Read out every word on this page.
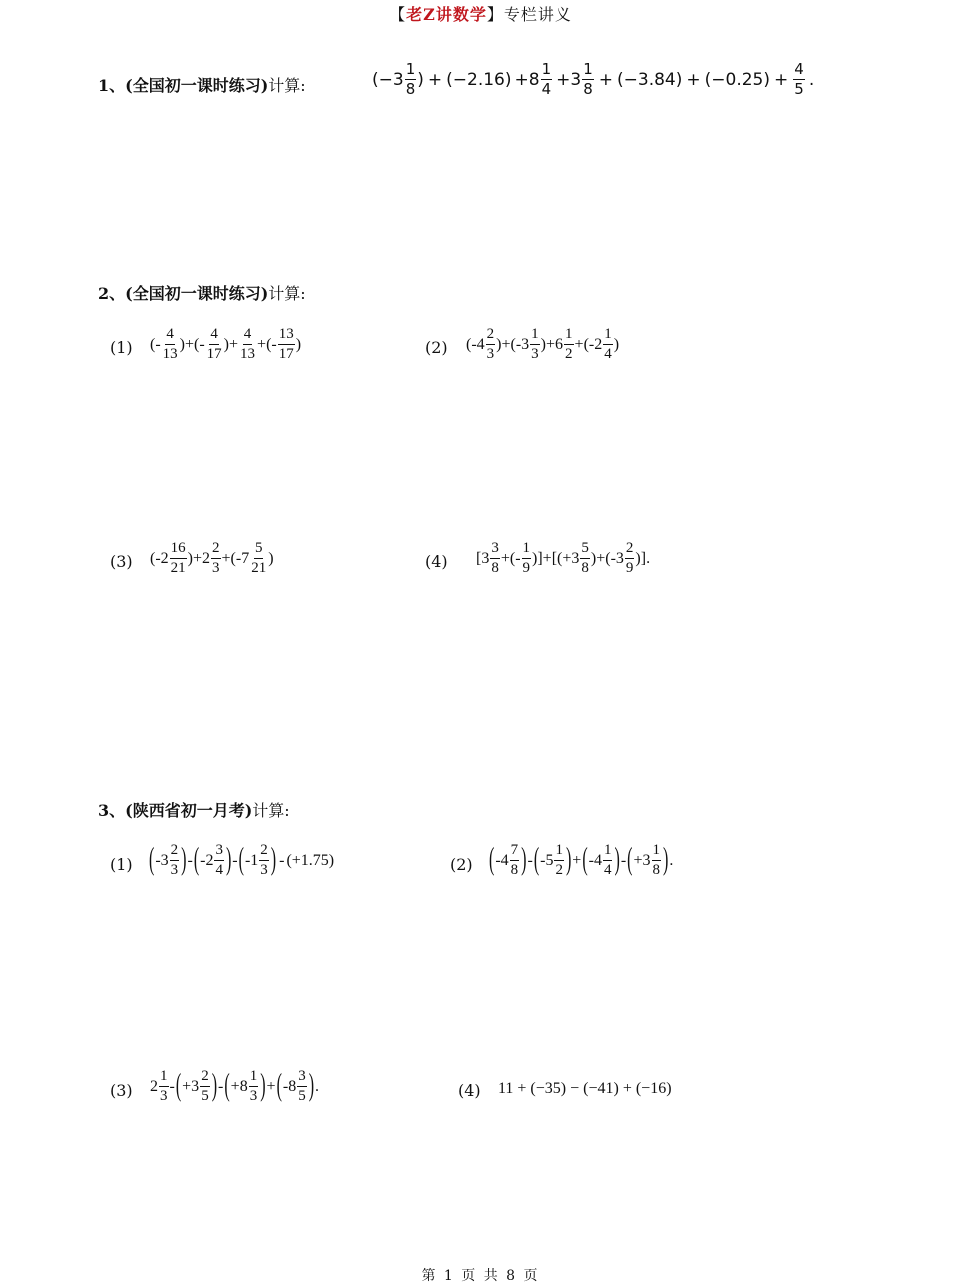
【老Z讲数学】专栏讲义
1、(全国初一课时练习)计算:	( $-3 \frac{1}{8}$ ) + ( −2.16 ) $+8 \frac{1}{4} +3 \frac{1}{8}$ + ( −3.84 ) + ( −0.25 ) + $\frac{4}{5}$ .
2、(全国初一课时练习)计算:
(1) ( - $\frac{4}{13}$ ) + ( - $\frac{4}{17}$ ) + $\frac{4}{13}$ + ( - $\frac{13}{17}$ )	(2) ( $-4 \frac{2}{3}$ ) + ( $-3 \frac{1}{3}$ ) $+6 \frac{1}{2}$ + ( $-2 \frac{1}{4}$ )
(3) ( $-2 \frac{16}{21}$ ) $+2 \frac{2}{3}$ + ( $-7 \frac{5}{21}$ )	(4) [$3 \frac{3}{8}$ + ( - $\frac{1}{9}$ ) ] + [($+3 \frac{5}{8}$ ) + ( $-3 \frac{2}{9}$ ) ] .
3、(陕西省初一月考)计算:
(1) ( $-3 \frac{2}{3}$ ) - ( $-2 \frac{3}{4}$ ) - ( $-1 \frac{2}{3}$ ) - (+1.75)	(2) ( $-4 \frac{7}{8}$ ) - ( $-5 \frac{1}{2}$ ) + ( $-4 \frac{1}{4}$ ) - ( $+3 \frac{1}{8}$ ) .
(3) $2 \frac{1}{3}$ - ( $+3 \frac{2}{5}$ ) - ( $+8 \frac{1}{3}$ ) + ( $-8 \frac{3}{5}$ ) .	(4) 11 + (−35) − (−41) + (−16)
第 1 页 共 8 页
